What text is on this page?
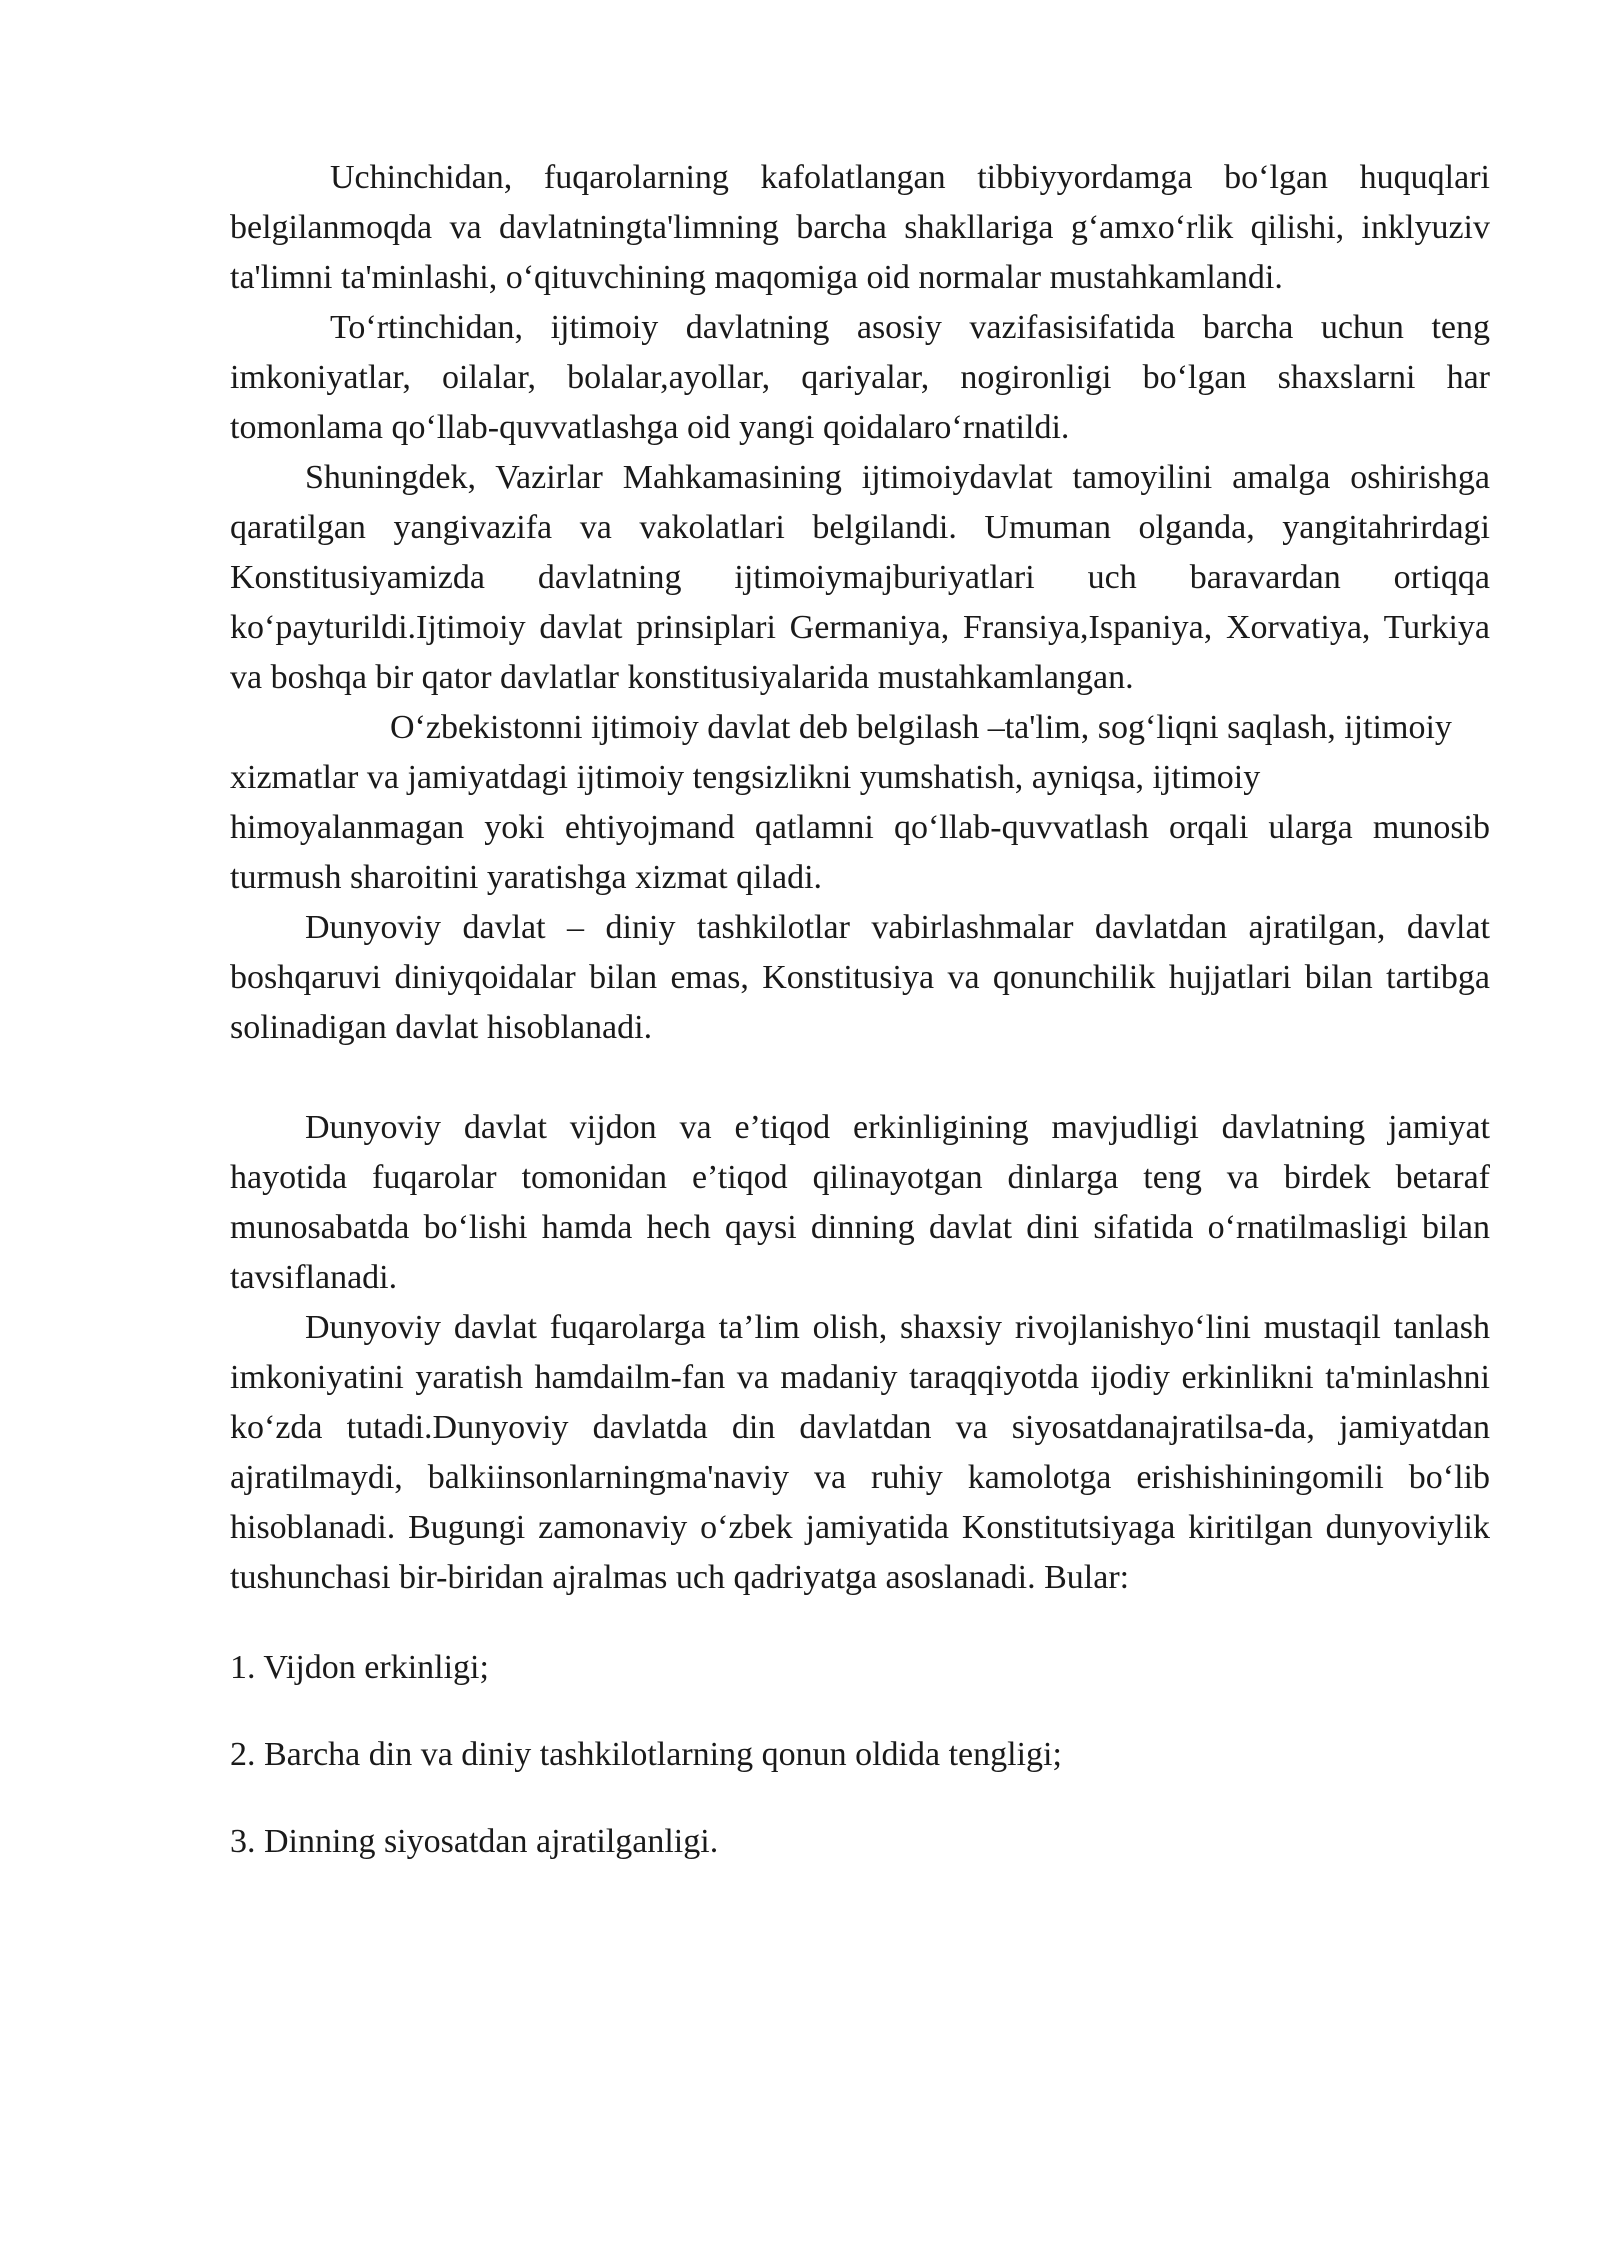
Uchinchidan, fuqarolarning kafolatlangan tibbiyyordamga bo‘lgan huquqlari belgilanmoqda va davlatningta'limning barcha shakllariga g‘amxo‘rlik qilishi, inklyuziv ta'limni ta'minlashi, o‘qituvchining maqomiga oid normalar mustahkamlandi.

To‘rtinchidan, ijtimoiy davlatning asosiy vazifasisifatida barcha uchun teng imkoniyatlar, oilalar, bolalar,ayollar, qariyalar, nogironligi bo‘lgan shaxslarni har tomonlama qo‘llab-quvvatlashga oid yangi qoidalaro‘rnatildi.

Shuningdek, Vazirlar Mahkamasining ijtimoiydavlat tamoyilini amalga oshirishga qaratilgan yangivazifa va vakolatlari belgilandi. Umuman olganda, yangitahrirdagi Konstitusiyamizda davlatning ijtimoiymajburiyatlari uch baravardan ortiqqa ko‘payturildi.Ijtimoiy davlat prinsiplari Germaniya, Fransiya,Ispaniya, Xorvatiya, Turkiya va boshqa bir qator davlatlar konstitusiyalarida mustahkamlangan.

O‘zbekistonni ijtimoiy davlat deb belgilash –ta'lim, sog‘liqni saqlash, ijtimoiy xizmatlar va jamiyatdagi ijtimoiy tengsizlikni yumshatish, ayniqsa, ijtimoiy

himoyalanmagan yoki ehtiyojmand qatlamni qo‘llab-quvvatlash orqali ularga munosib turmush sharoitini yaratishga xizmat qiladi.

Dunyoviy davlat – diniy tashkilotlar vabirlashmalar davlatdan ajratilgan, davlat boshqaruvi diniyqoidalar bilan emas, Konstitusiya va qonunchilik hujjatlari bilan tartibga solinadigan davlat hisoblanadi.

Dunyoviy davlat vijdon va e’tiqod erkinligining mavjudligi davlatning jamiyat hayotida fuqarolar tomonidan e’tiqod qilinayotgan dinlarga teng va birdek betaraf munosabatda bo‘lishi hamda hech qaysi dinning davlat dini sifatida o‘rnatilmasligi bilan tavsiflanadi.

Dunyoviy davlat fuqarolarga ta’lim olish, shaxsiy rivojlanishyo‘lini mustaqil tanlash imkoniyatini yaratish hamdailm-fan va madaniy taraqqiyotda ijodiy erkinlikni ta'minlashni ko‘zda tutadi.Dunyoviy davlatda din davlatdan va siyosatdanajratilsa-da, jamiyatdan ajratilmaydi, balkiinsonlarningma'naviy va ruhiy kamolotga erishishiningomili bo‘lib hisoblanadi. Bugungi zamonaviy o‘zbek jamiyatida Konstitutsiyaga kiritilgan dunyoviylik tushunchasi bir-biridan ajralmas uch qadriyatga asoslanadi. Bular:

1. Vijdon erkinligi;
2. Barcha din va diniy tashkilotlarning qonun oldida tengligi;
3. Dinning siyosatdan ajratilganligi.
